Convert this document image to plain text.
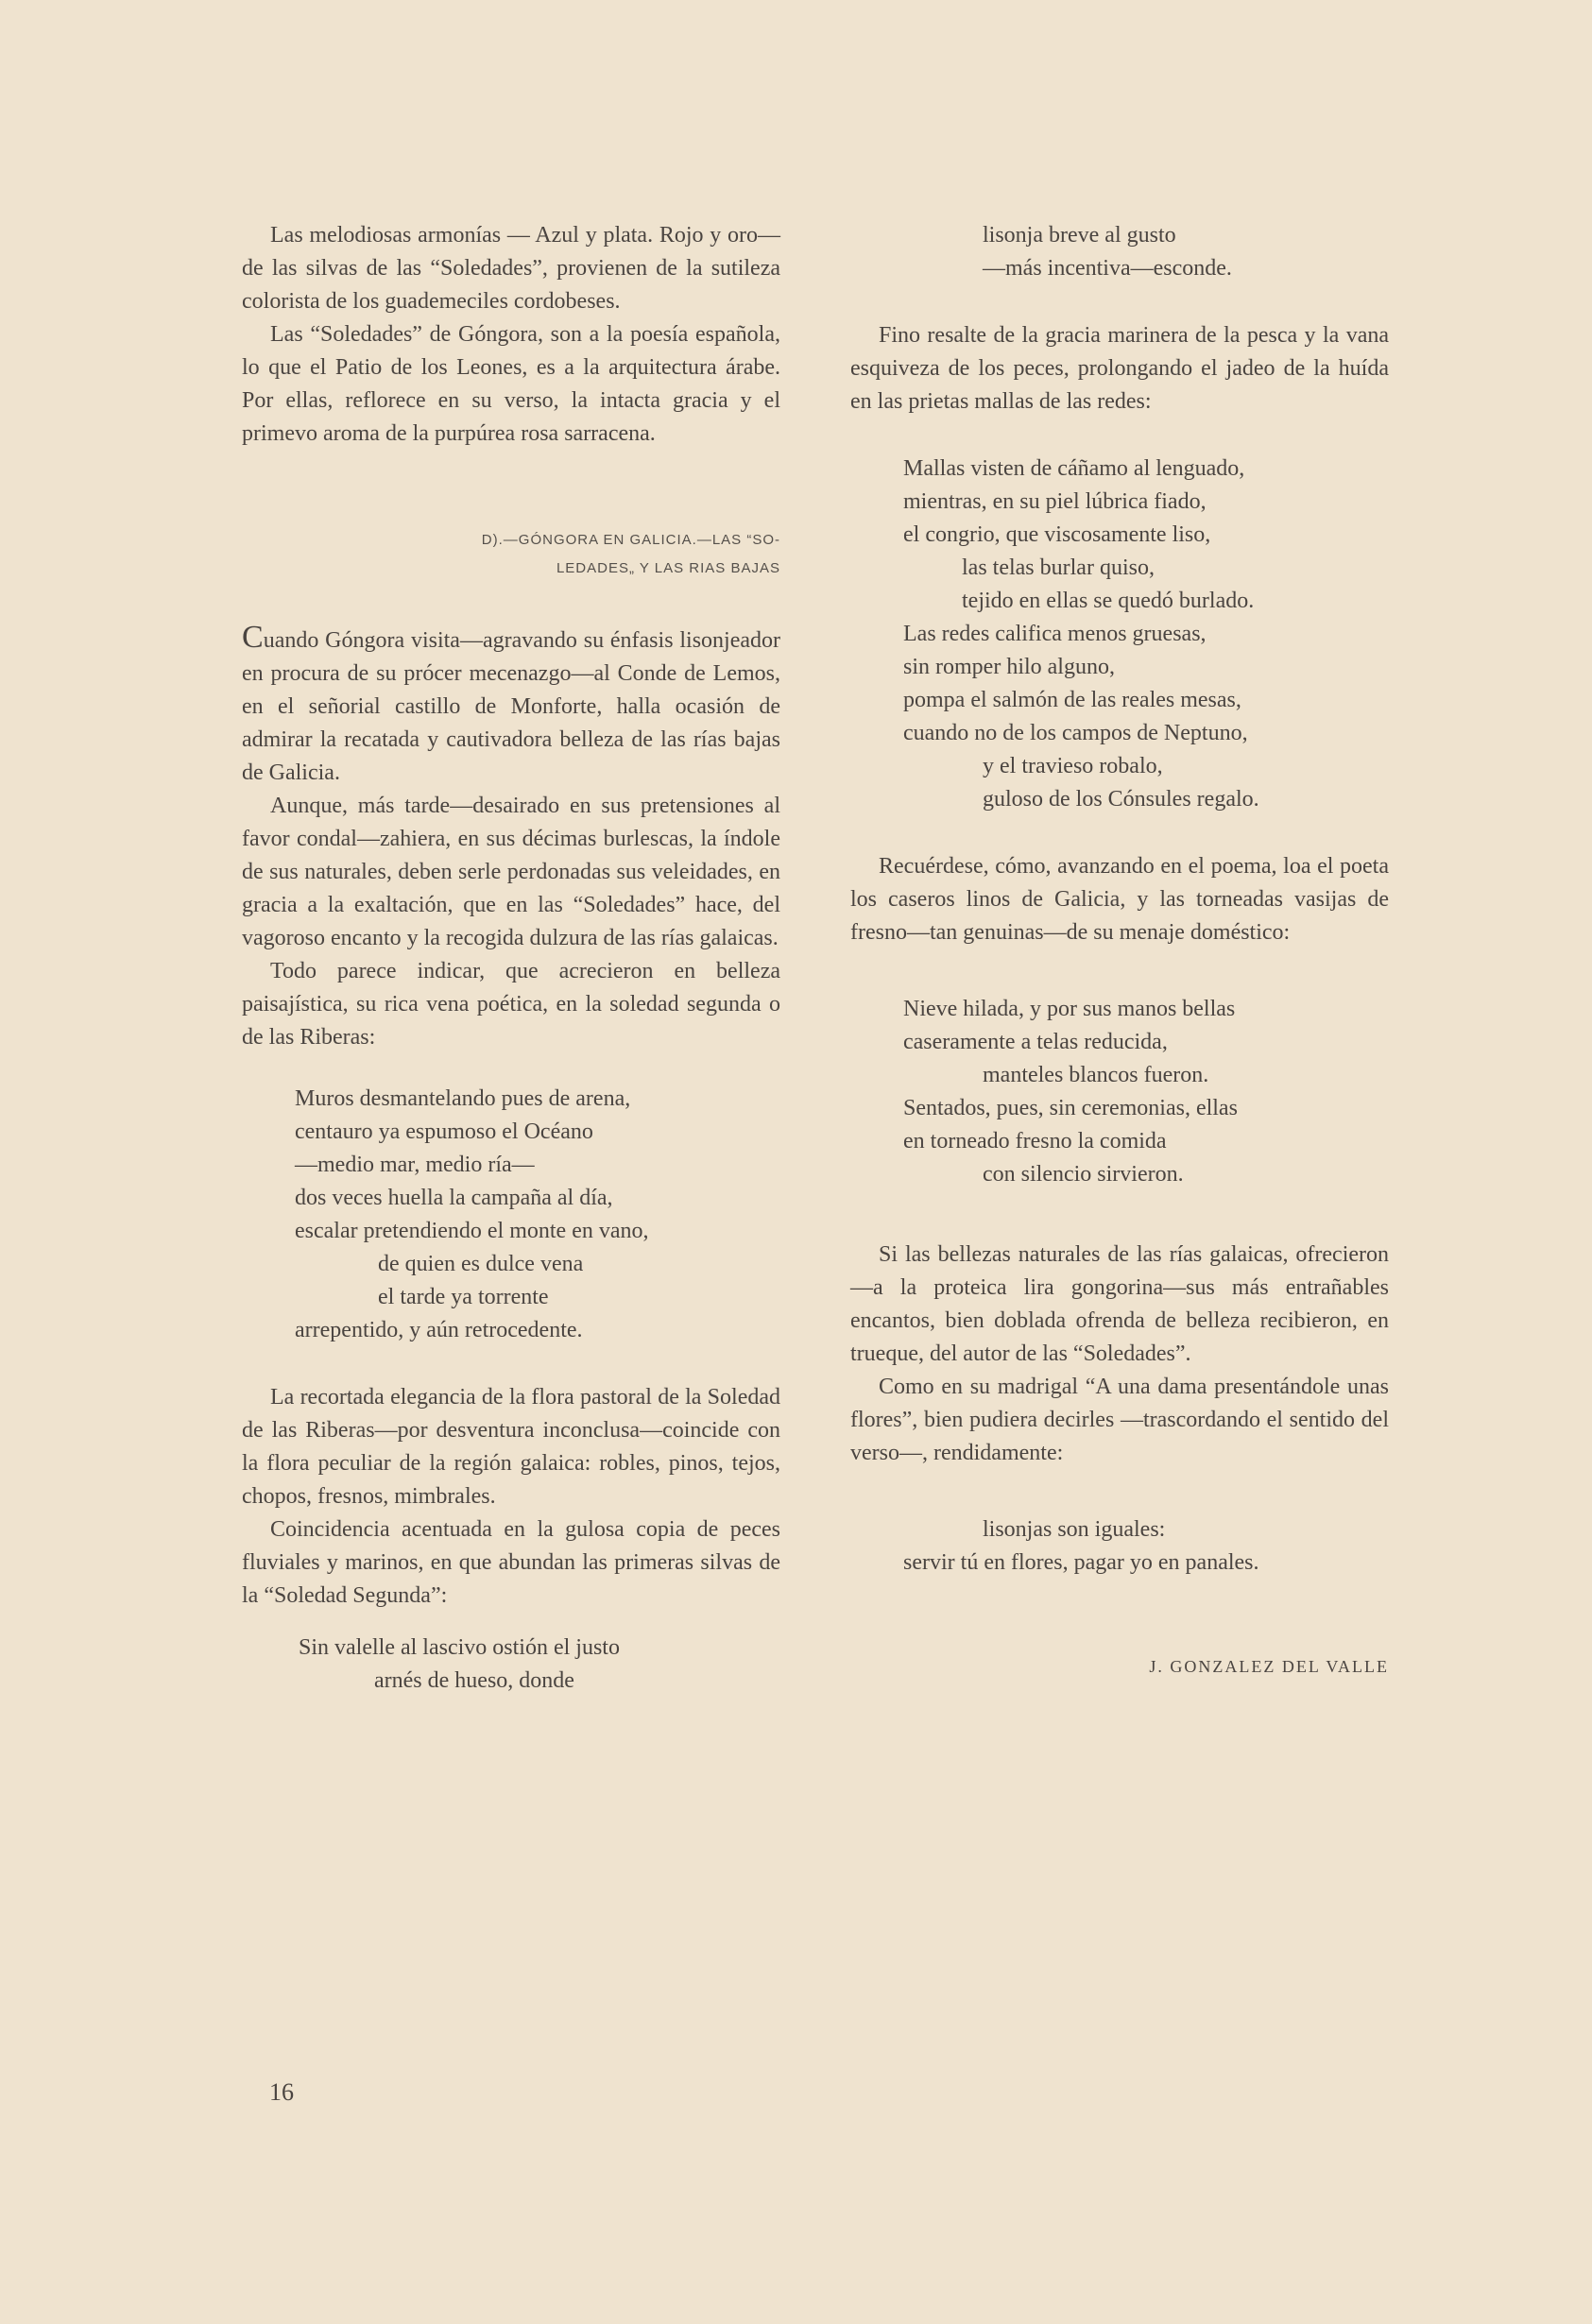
Las melodiosas armonías — Azul y plata. Rojo y oro—de las silvas de las “Soledades”, provienen de la sutileza colorista de los guademeciles cordobeses.

Las “Soledades” de Góngora, son a la poesía española, lo que el Patio de los Leones, es a la arquitectura árabe. Por ellas, reflorece en su verso, la intacta gracia y el primevo aroma de la purpúrea rosa sarracena.

D).—GÓNGORA EN GALICIA.—LAS “SO-
LEDADES„ Y LAS RIAS BAJAS

Cuando Góngora visita—agravando su énfasis lisonjeador en procura de su prócer mecenazgo—al Conde de Lemos, en el señorial castillo de Monforte, halla ocasión de admirar la recatada y cautivadora belleza de las rías bajas de Galicia.

Aunque, más tarde—desairado en sus pretensiones al favor condal—zahiera, en sus décimas burlescas, la índole de sus naturales, deben serle perdonadas sus veleidades, en gracia a la exaltación, que en las “Soledades” hace, del vagoroso encanto y la recogida dulzura de las rías galaicas.

Todo parece indicar, que acrecieron en belleza paisajística, su rica vena poética, en la soledad segunda o de las Riberas:

Muros desmantelando pues de arena,
centauro ya espumoso el Océano
—medio mar, medio ría—
dos veces huella la campaña al día,
escalar pretendiendo el monte en vano,
de quien es dulce vena
el tarde ya torrente
arrepentido, y aún retrocedente.

La recortada elegancia de la flora pastoral de la Soledad de las Riberas—por desventura inconclusa—coincide con la flora peculiar de la región galaica: robles, pinos, tejos, chopos, fresnos, mimbrales.

Coincidencia acentuada en la gulosa copia de peces fluviales y marinos, en que abundan las primeras silvas de la “Soledad Segunda”:

Sin valelle al lascivo ostión el justo
arnés de hueso, donde
lisonja breve al gusto
—más incentiva—esconde.

Fino resalte de la gracia marinera de la pesca y la vana esquiveza de los peces, prolongando el jadeo de la huída en las prietas mallas de las redes:

Mallas visten de cáñamo al lenguado,
mientras, en su piel lúbrica fiado,
el congrio, que viscosamente liso,
las telas burlar quiso,
tejido en ellas se quedó burlado.
Las redes califica menos gruesas,
sin romper hilo alguno,
pompa el salmón de las reales mesas,
cuando no de los campos de Neptuno,
y el travieso robalo,
guloso de los Cónsules regalo.

Recuérdese, cómo, avanzando en el poema, loa el poeta los caseros linos de Galicia, y las torneadas vasijas de fresno—tan genuinas—de su menaje doméstico:

Nieve hilada, y por sus manos bellas
caseramente a telas reducida,
manteles blancos fueron.
Sentados, pues, sin ceremonias, ellas
en torneado fresno la comida
con silencio sirvieron.

Si las bellezas naturales de las rías galaicas, ofrecieron—a la proteica lira gongorina—sus más entrañables encantos, bien doblada ofrenda de belleza recibieron, en trueque, del autor de las “Soledades”.

Como en su madrigal “A una dama presentándole unas flores”, bien pudiera decirles —trascordando el sentido del verso—, rendidamente:

lisonjas son iguales:
servir tú en flores, pagar yo en panales.
J. GONZALEZ DEL VALLE
16
